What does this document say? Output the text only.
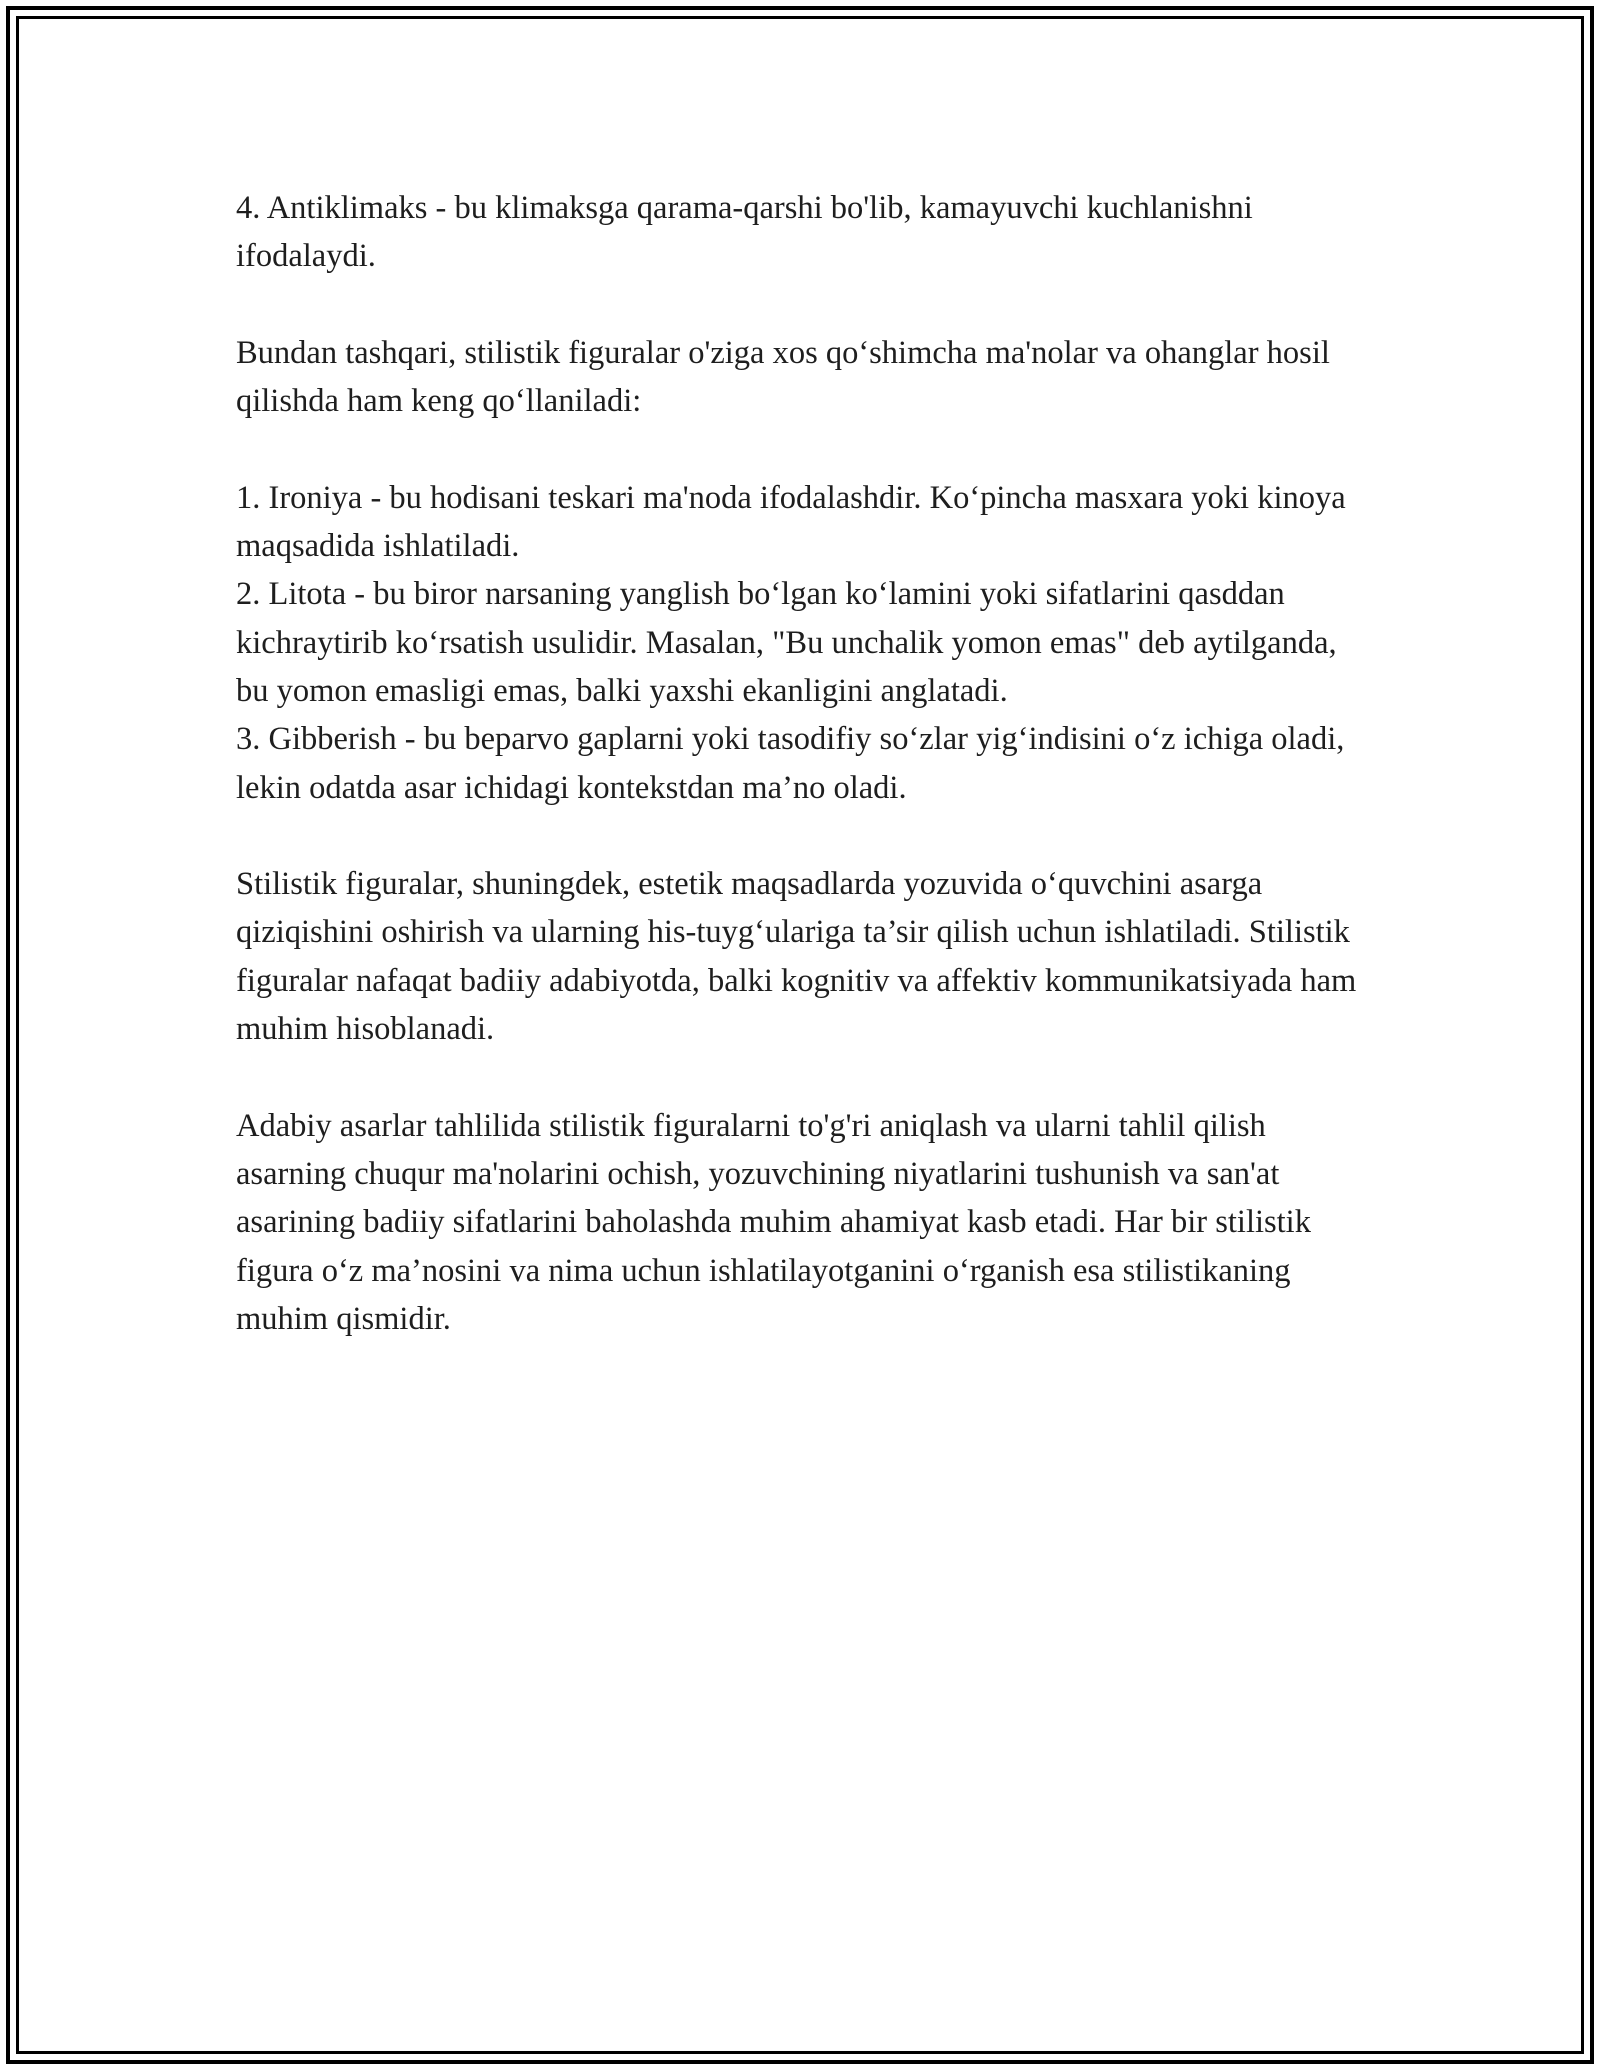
4. Antiklimaks - bu klimaksga qarama-qarshi bo'lib, kamayuvchi kuchlanishni ifodalaydi.

Bundan tashqari, stilistik figuralar o'ziga xos qo‘shimcha ma'nolar va ohanglar hosil qilishda ham keng qo‘llaniladi:

1. Ironiya - bu hodisani teskari ma'noda ifodalashdir. Ko‘pincha masxara yoki kinoya maqsadida ishlatiladi.

2. Litota - bu biror narsaning yanglish bo‘lgan ko‘lamini yoki sifatlarini qasddan kichraytirib ko‘rsatish usulidir. Masalan, "Bu unchalik yomon emas" deb aytilganda, bu yomon emasligi emas, balki yaxshi ekanligini anglatadi.

3. Gibberish - bu beparvo gaplarni yoki tasodifiy so‘zlar yig‘indisini o‘z ichiga oladi, lekin odatda asar ichidagi kontekstdan ma’no oladi.

Stilistik figuralar, shuningdek, estetik maqsadlarda yozuvida o‘quvchini asarga qiziqishini oshirish va ularning his-tuyg‘ulariga ta’sir qilish uchun ishlatiladi. Stilistik figuralar nafaqat badiiy adabiyotda, balki kognitiv va affektiv kommunikatsiyada ham muhim hisoblanadi.

Adabiy asarlar tahlilida stilistik figuralarni to'g'ri aniqlash va ularni tahlil qilish asarning chuqur ma'nolarini ochish, yozuvchining niyatlarini tushunish va san'at asarining badiiy sifatlarini baholashda muhim ahamiyat kasb etadi. Har bir stilistik figura o‘z ma’nosini va nima uchun ishlatilayotganini o‘rganish esa stilistikaning muhim qismidir.
